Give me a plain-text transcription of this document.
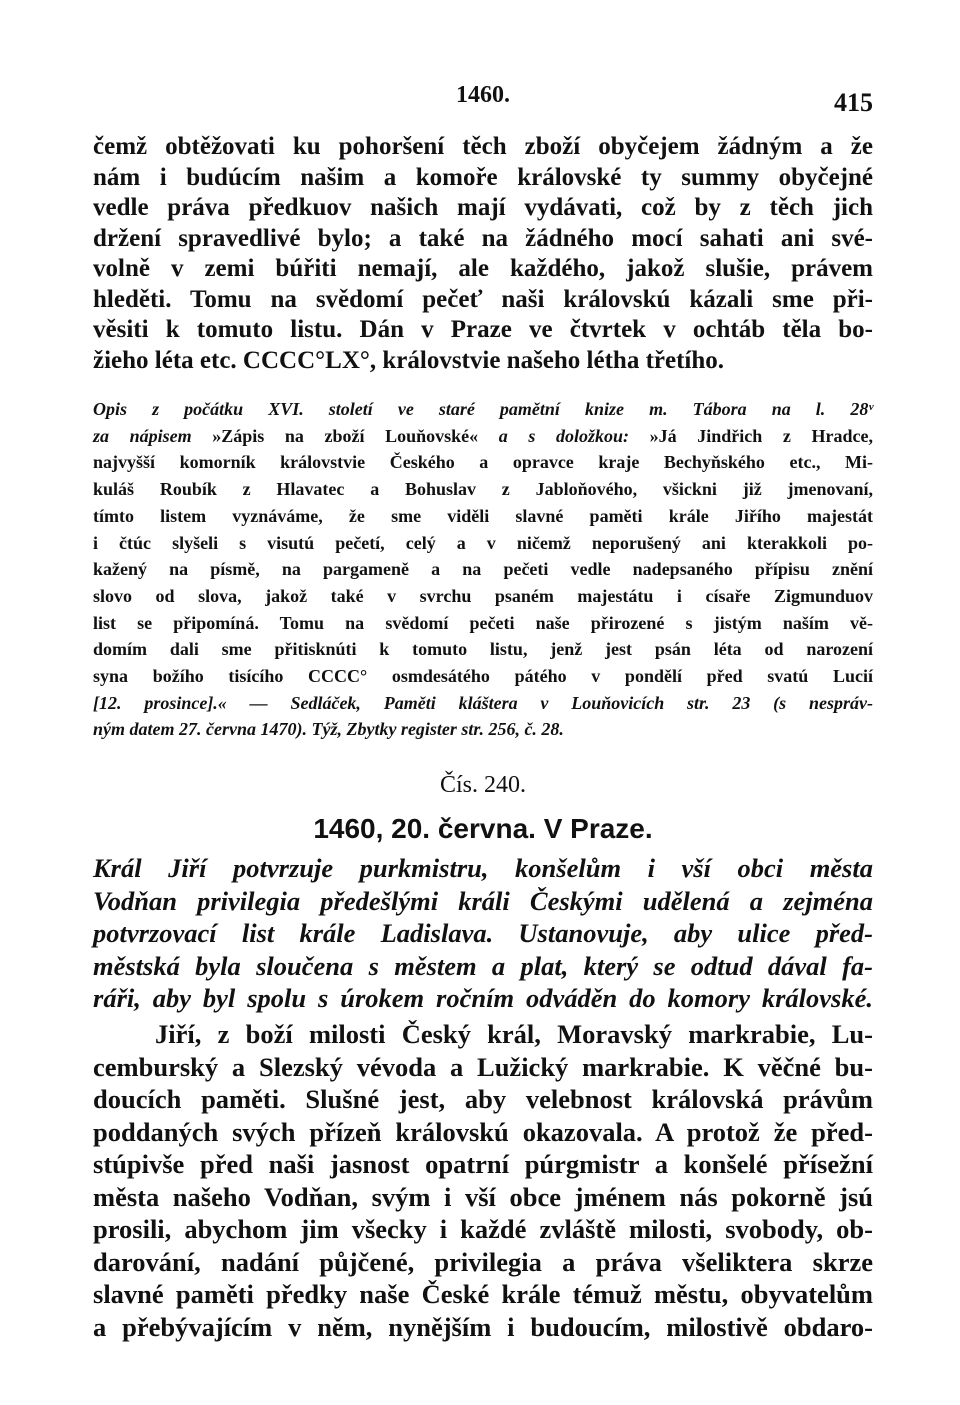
1460.	415
čemž obtěžovati ku pohoršení těch zboží obyčejem žádným a že
nám i budúcím našim a komoře královské ty summy obyčejné
vedle práva předkuov našich mají vydávati, což by z těch jich
držení spravedlivé bylo; a také na žádného mocí sahati ani své-
volně v zemi búřiti nemají, ale každého, jakož slušie, právem
hleděti. Tomu na svědomí pečeť naši královskú kázali sme při-
věsiti k tomuto listu. Dán v Praze ve čtvrtek v ochtáb těla bo-
žieho léta etc. CCCC°LX°, královstvie našeho létha třetího.
Opis z počátku XVI. století ve staré pamětní knize m. Tábora na l. 28ᵛ
za nápisem »Zápis na zboží Louňovské« a s doložkou: »Já Jindřich z Hradce,
najvyšší komorník královstvie Českého a opravce kraje Bechyňského etc., Mi-
kuláš Roubík z Hlavatec a Bohuslav z Jabloňového, všickni již jmenovaní,
tímto listem vyznáváme, že sme viděli slavné paměti krále Jiřího majestát
i čtúc slyšeli s visutú pečetí, celý a v ničemž neporušený ani kterakkoli po-
kažený na písmě, na pargameně a na pečeti vedle nadepsaného přípisu znění
slovo od slova, jakož také v svrchu psaném majestátu i císaře Zigmunduov
list se připomíná. Tomu na svědomí pečeti naše přirozené s jistým naším vě-
domím dali sme přitisknúti k tomuto listu, jenž jest psán léta od narození
syna božího tisícího CCCC° osmdesátého pátého v pondělí před svatú Lucií
[12. prosince].« — Sedláček, Paměti kláštera v Louňovicích str. 23 (s nespráv-
ným datem 27. června 1470). Týž, Zbytky register str. 256, č. 28.
Čís. 240.
1460, 20. června. V Praze.
Král Jiří potvrzuje purkmistru, konšelům i vší obci města
Vodňan privilegia předešlými králi Českými udělená a zejména
potvrzovací list krále Ladislava. Ustanovuje, aby ulice před-
městská byla sloučena s městem a plat, který se odtud dával fa-
ráři, aby byl spolu s úrokem ročním odváděn do komory královské.
Jiří, z boží milosti Český král, Moravský markrabie, Lu-
cemburský a Slezský vévoda a Lužický markrabie. K věčné bu-
doucích paměti. Slušné jest, aby velebnost královská právům
poddaných svých přízeň královskú okazovala. A protož že před-
stúpivše před naši jasnost opatrní púrgmistr a konšelé přísežní
města našeho Vodňan, svým i vší obce jménem nás pokorně jsú
prosili, abychom jim všecky i každé zvláště milosti, svobody, ob-
darování, nadání půjčené, privilegia a práva všeliktera skrze
slavné paměti předky naše České krále témuž městu, obyvatelům
a přebývajícím v něm, nynějším i budoucím, milostivě obdaro-
